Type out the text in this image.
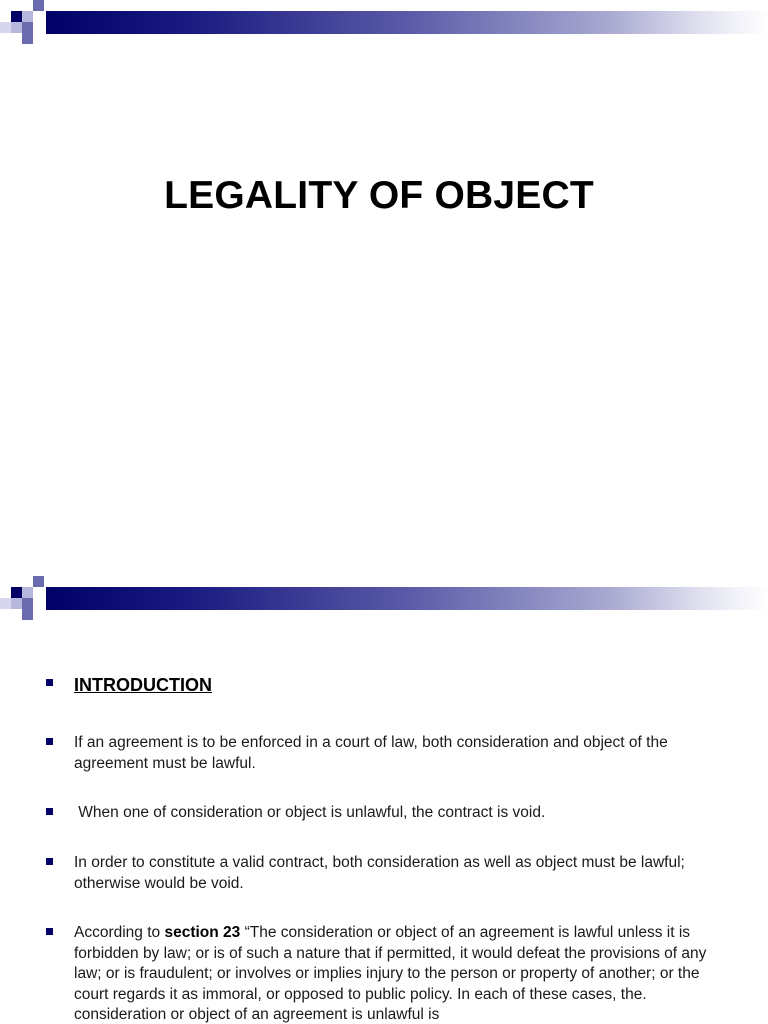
LEGALITY OF OBJECT
INTRODUCTION
If an agreement is to be enforced in a court of law, both consideration and object of the agreement must be lawful.
When one of consideration or object is unlawful, the contract is void.
In order to constitute a valid contract, both consideration as well as object must be lawful; otherwise would be void.
According to section 23 “The consideration or object of an agreement is lawful unless it is forbidden by law; or is of such a nature that if permitted, it would defeat the provisions of any law; or is fraudulent; or involves or implies injury to the person or property of another; or the court regards it as immoral, or opposed to public policy. In each of these cases, the. consideration or object of an agreement is unlawful is
